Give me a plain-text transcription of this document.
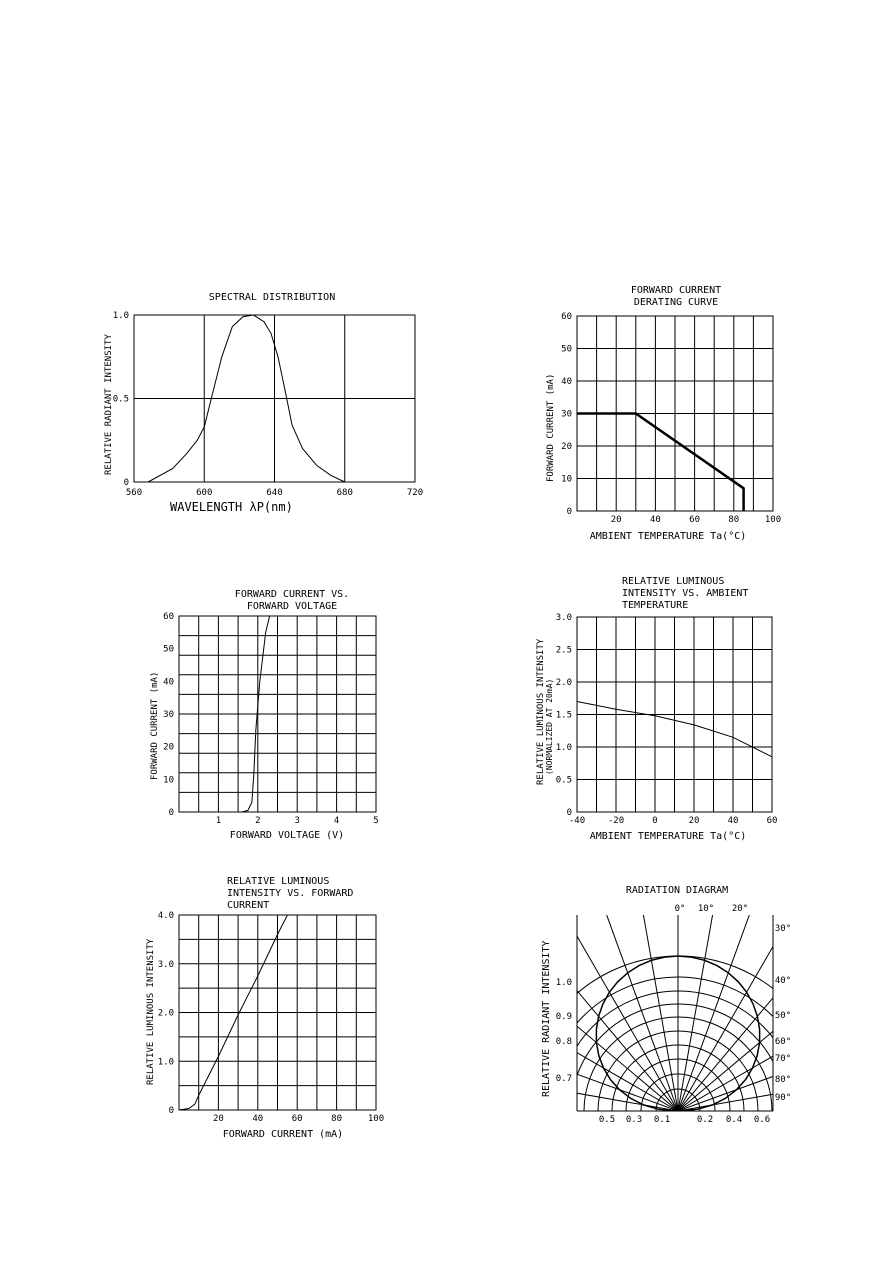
SPECTRAL DISTRIBUTION
560	600	640	680	720
0
0.5
1.0
WAVELENGTH λP(nm)
RELATIVE RADIANT INTENSITY
FORWARD CURRENT
DERATING CURVE
20	40	60	80	100
0
10
20
30
40
50
60
AMBIENT TEMPERATURE Ta(°C)
FORWARD CURRENT (mA)
FORWARD CURRENT VS.
FORWARD VOLTAGE
1	2	3	4	5
0
10
20
30
40
50
60
FORWARD VOLTAGE (V)
FORWARD CURRENT (mA)
RELATIVE LUMINOUS
INTENSITY VS. AMBIENT
TEMPERATURE
-40	-20	0	20	40	60
0
0.5
1.0
1.5
2.0
2.5
3.0
AMBIENT TEMPERATURE Ta(°C)
RELATIVE LUMINOUS INTENSITY (NORMALIZED AT 20mA)
RELATIVE LUMINOUS
INTENSITY VS. FORWARD
CURRENT
20	40	60	80	100
0
1.0
2.0
3.0
4.0
FORWARD CURRENT (mA)
RELATIVE LUMINOUS INTENSITY
RADIATION DIAGRAM
0° 10° 20°
30°
40°
50°
60°
70°
80°
90°
1.0
0.9
0.8
0.7
0.5 0.3 0.1	0.2 0.4 0.6
RELATIVE RADIANT INTENSITY
